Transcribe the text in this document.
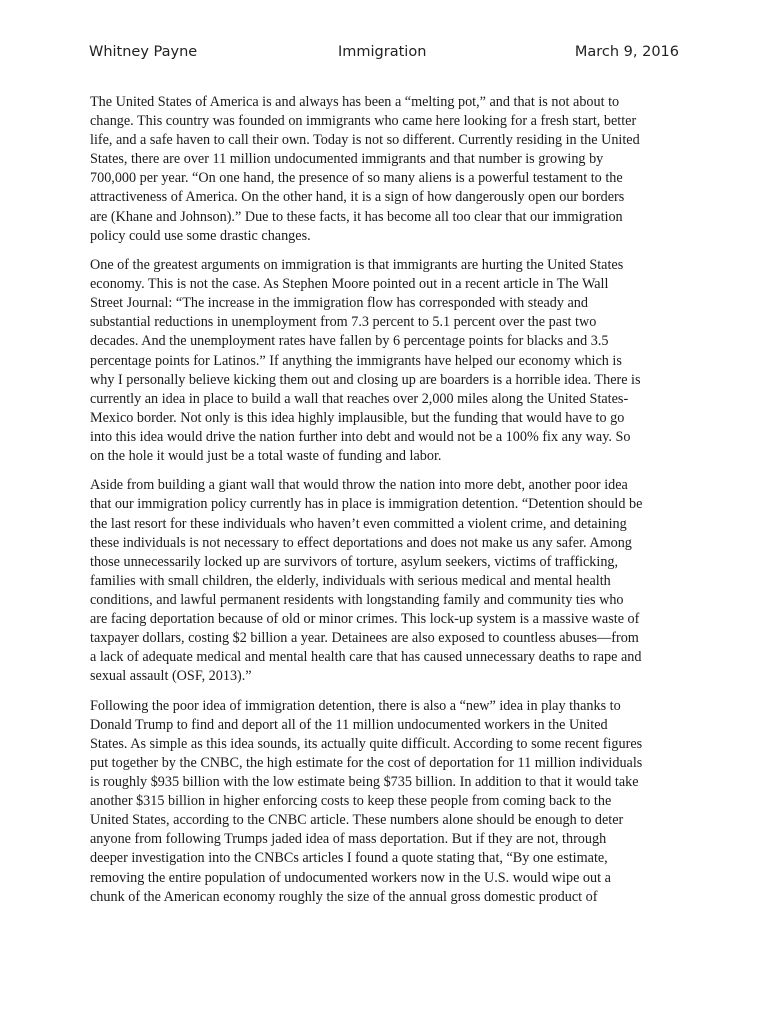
Whitney Payne	Immigration	March 9, 2016

The United States of America is and always has been a “melting pot,” and that is not about to
change. This country was founded on immigrants who came here looking for a fresh start, better
life, and a safe haven to call their own. Today is not so different. Currently residing in the United
States, there are over 11 million undocumented immigrants and that number is growing by
700,000 per year. “On one hand, the presence of so many aliens is a powerful testament to the
attractiveness of America. On the other hand, it is a sign of how dangerously open our borders
are (Khane and Johnson).” Due to these facts, it has become all too clear that our immigration
policy could use some drastic changes.

One of the greatest arguments on immigration is that immigrants are hurting the United States
economy. This is not the case. As Stephen Moore pointed out in a recent article in The Wall
Street Journal: “The increase in the immigration flow has corresponded with steady and
substantial reductions in unemployment from 7.3 percent to 5.1 percent over the past two
decades. And the unemployment rates have fallen by 6 percentage points for blacks and 3.5
percentage points for Latinos.” If anything the immigrants have helped our economy which is
why I personally believe kicking them out and closing up are boarders is a horrible idea. There is
currently an idea in place to build a wall that reaches over 2,000 miles along the United States-
Mexico border. Not only is this idea highly implausible, but the funding that would have to go
into this idea would drive the nation further into debt and would not be a 100% fix any way. So
on the hole it would just be a total waste of funding and labor.

Aside from building a giant wall that would throw the nation into more debt, another poor idea
that our immigration policy currently has in place is immigration detention. “Detention should be
the last resort for these individuals who haven’t even committed a violent crime, and detaining
these individuals is not necessary to effect deportations and does not make us any safer. Among
those unnecessarily locked up are survivors of torture, asylum seekers, victims of trafficking,
families with small children, the elderly, individuals with serious medical and mental health
conditions, and lawful permanent residents with longstanding family and community ties who
are facing deportation because of old or minor crimes. This lock-up system is a massive waste of
taxpayer dollars, costing $2 billion a year. Detainees are also exposed to countless abuses—from
a lack of adequate medical and mental health care that has caused unnecessary deaths to rape and
sexual assault (OSF, 2013).”

Following the poor idea of immigration detention, there is also a “new” idea in play thanks to
Donald Trump to find and deport all of the 11 million undocumented workers in the United
States. As simple as this idea sounds, its actually quite difficult. According to some recent figures
put together by the CNBC, the high estimate for the cost of deportation for 11 million individuals
is roughly $935 billion with the low estimate being $735 billion. In addition to that it would take
another $315 billion in higher enforcing costs to keep these people from coming back to the
United States, according to the CNBC article. These numbers alone should be enough to deter
anyone from following Trumps jaded idea of mass deportation. But if they are not, through
deeper investigation into the CNBCs articles I found a quote stating that, “By one estimate,
removing the entire population of undocumented workers now in the U.S. would wipe out a
chunk of the American economy roughly the size of the annual gross domestic product of
